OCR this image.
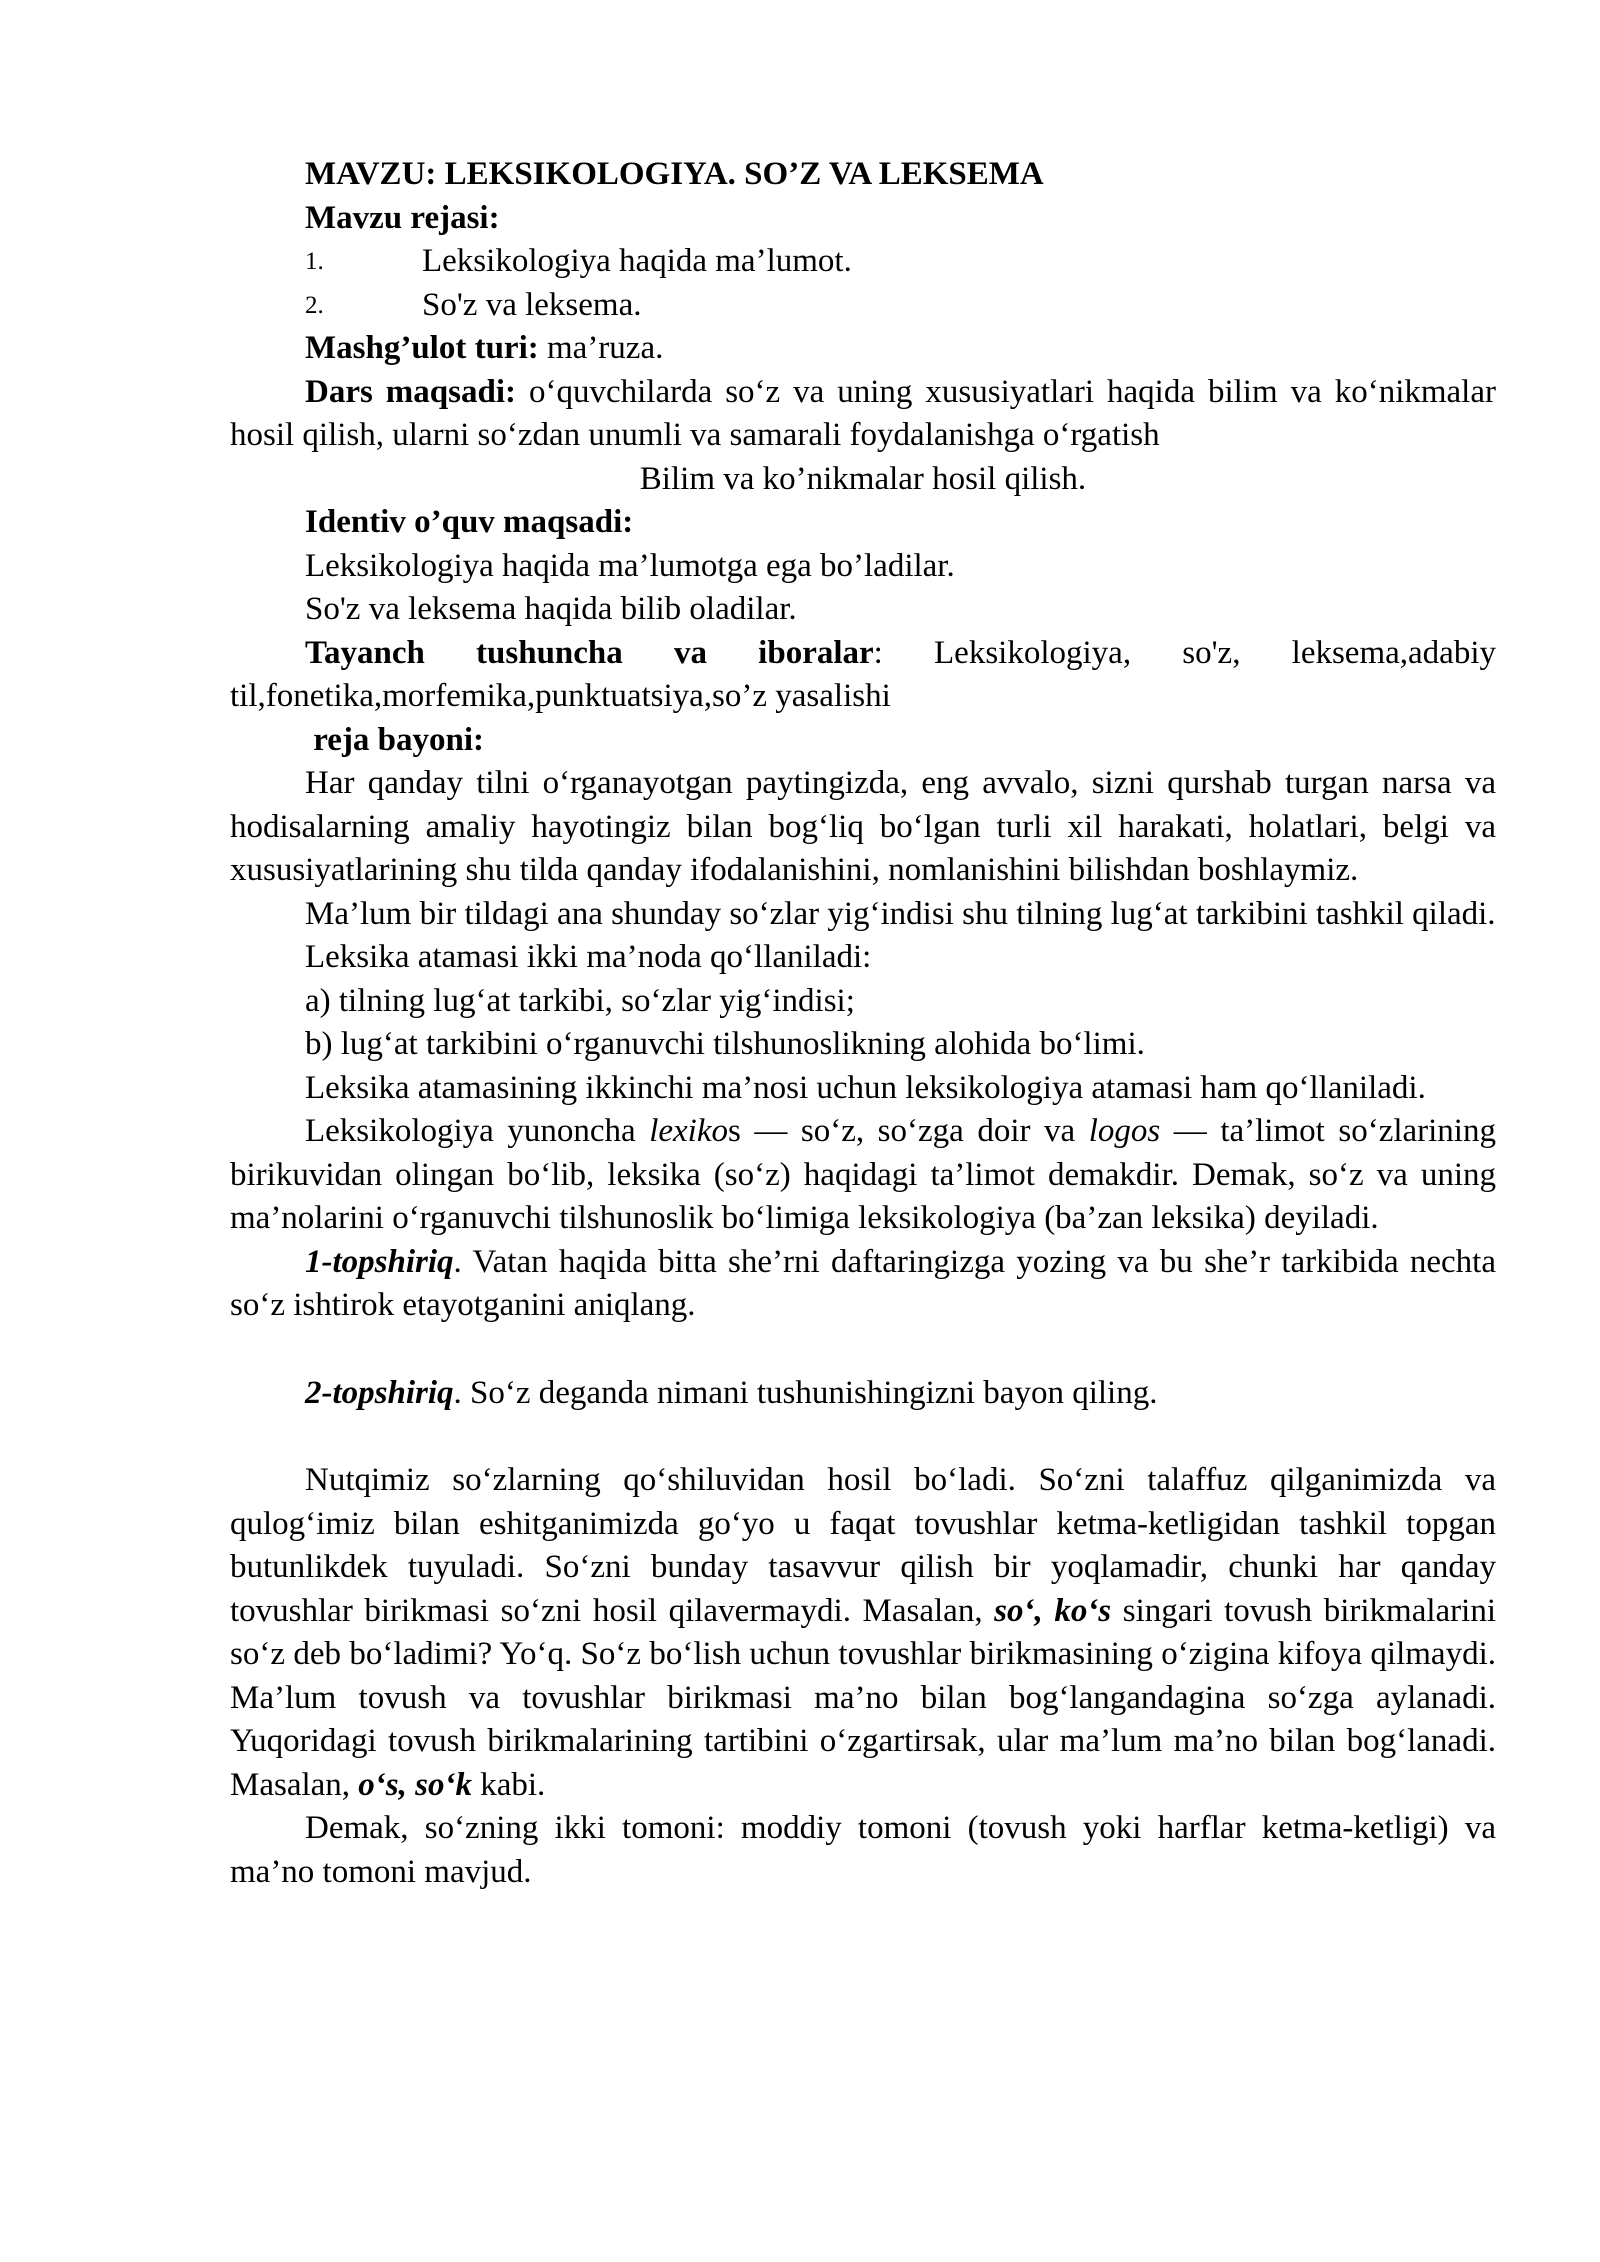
MAVZU: LEKSIKOLOGIYA. SO’Z VA LEKSEMA
Mavzu rejasi:
1.	Leksikologiya haqida ma’lumot.
2.	So'z va leksema.
Mashg’ulot turi: ma’ruza.
Dars maqsadi: o‘quvchilarda so‘z va uning xususiyatlari haqida bilim va ko‘nikmalar hosil qilish, ularni so‘zdan unumli va samarali foydalanishga o‘rgatish
Bilim va ko’nikmalar hosil qilish.
Identiv o’quv maqsadi:
Leksikologiya haqida ma’lumotga ega bo’ladilar.
So'z va leksema haqida bilib oladilar.
Tayanch tushuncha va iboralar: Leksikologiya, so'z, leksema,adabiy til,fonetika,morfemika,punktuatsiya,so’z yasalishi
reja bayoni:
Har qanday tilni o‘rganayotgan paytingizda, eng avvalo, sizni qurshab turgan narsa va hodisalarning amaliy hayotingiz bilan bog‘liq bo‘lgan turli xil harakati, holatlari, belgi va xususiyatlarining shu tilda qanday ifodalanishini, nomlanishini bilishdan boshlaymiz.
Ma’lum bir tildagi ana shunday so‘zlar yig‘indisi shu tilning lug‘at tarkibini tashkil qiladi.
Leksika atamasi ikki ma’noda qo‘llaniladi:
a) tilning lug‘at tarkibi, so‘zlar yig‘indisi;
b) lug‘at tarkibini o‘rganuvchi tilshunoslikning alohida bo‘limi.
Leksika atamasining ikkinchi ma’nosi uchun leksikologiya atamasi ham qo‘llaniladi.
Leksikologiya yunoncha lexikos — so‘z, so‘zga doir va logos — ta’limot so‘zlarining birikuvidan olingan bo‘lib, leksika (so‘z) haqidagi ta’limot demakdir. Demak, so‘z va uning ma’nolarini o‘rganuvchi tilshunoslik bo‘limiga leksikologiya (ba’zan leksika) deyiladi.
1-topshiriq. Vatan haqida bitta she’rni daftaringizga yozing va bu she’r tarkibida nechta so‘z ishtirok etayotganini aniqlang.
2-topshiriq. So‘z deganda nimani tushunishingizni bayon qiling.
Nutqimiz so‘zlarning qo‘shiluvidan hosil bo‘ladi. So‘zni talaffuz qilganimizda va qulog‘imiz bilan eshitganimizda go‘yo u faqat tovushlar ketma-ketligidan tashkil topgan butunlikdek tuyuladi. So‘zni bunday tasavvur qilish bir yoqlamadir, chunki har qanday tovushlar birikmasi so‘zni hosil qilavermaydi. Masalan, so‘, ko‘s singari tovush birikmalarini so‘z deb bo‘ladimi? Yo‘q. So‘z bo‘lish uchun tovushlar birikmasining o‘zigina kifoya qilmaydi. Ma’lum tovush va tovushlar birikmasi ma’no bilan bog‘langandagina so‘zga aylanadi. Yuqoridagi tovush birikmalarining tartibini o‘zgartirsak, ular ma’lum ma’no bilan bog‘lanadi. Masalan, o‘s, so‘k kabi.
Demak, so‘zning ikki tomoni: moddiy tomoni (tovush yoki harflar ketma-ketligi) va ma’no tomoni mavjud.
